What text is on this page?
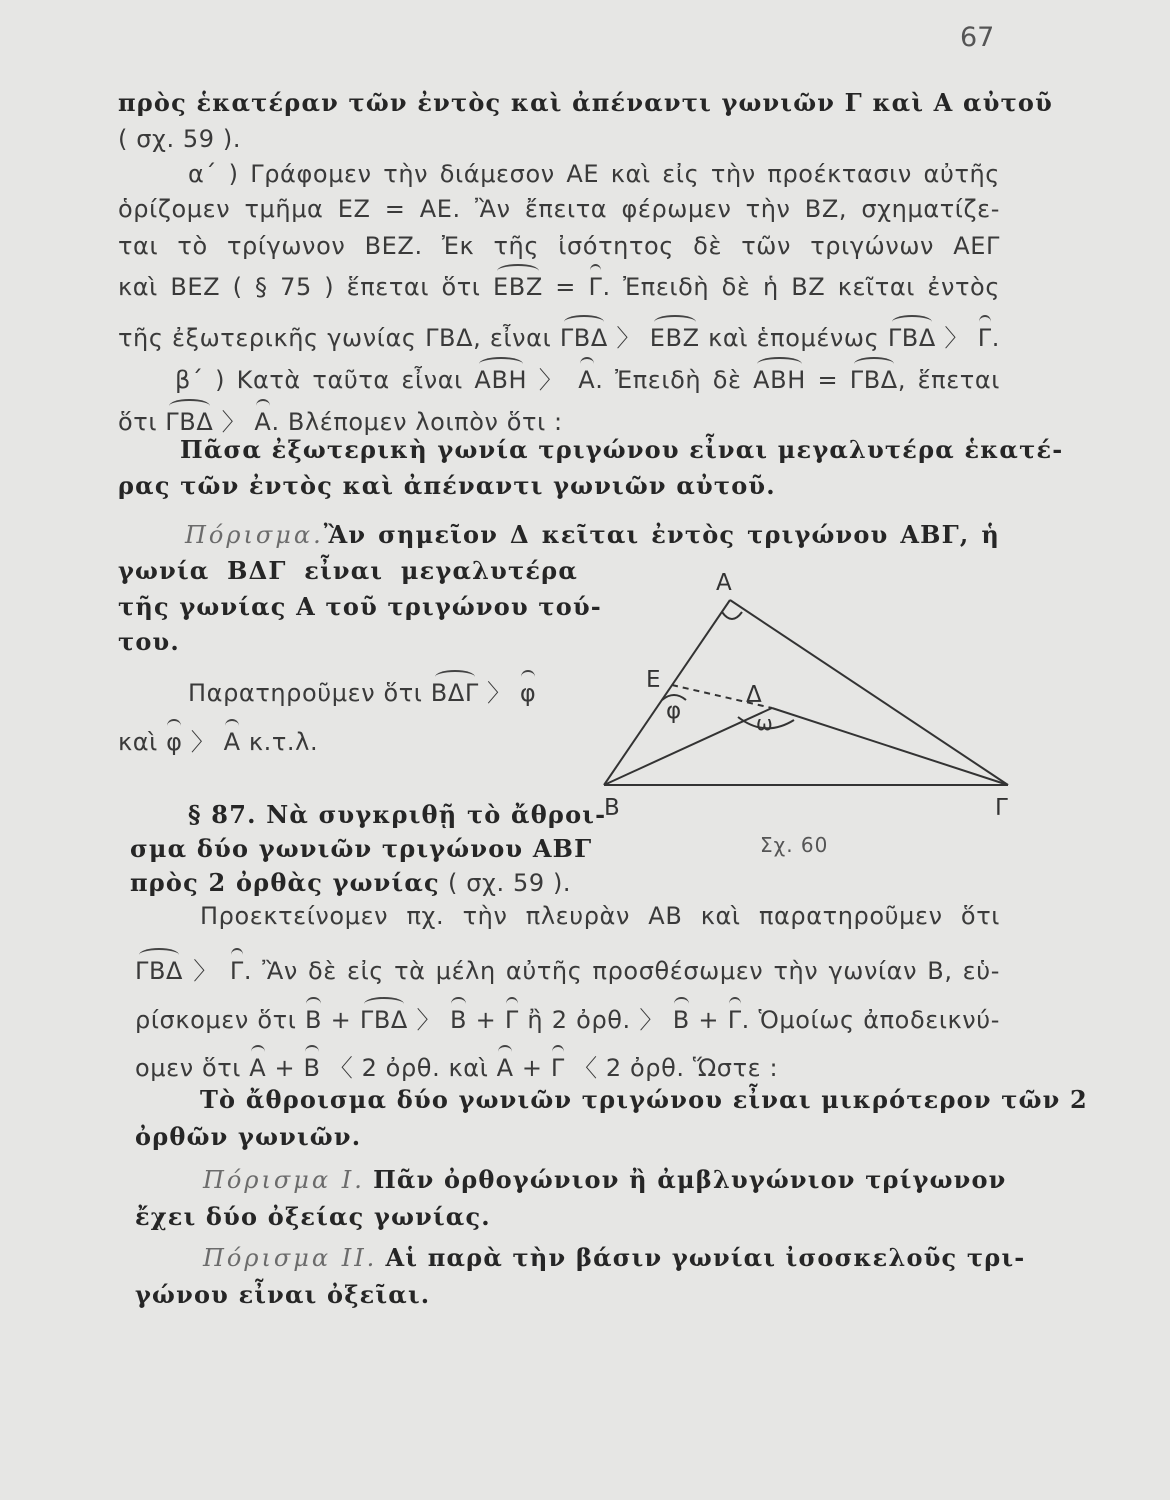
67
πρὸς ἑκατέραν τῶν ἐντὸς καὶ ἀπέναντι γωνιῶν Γ καὶ Α αὐτοῦ
( σχ. 59 ).
α΄ ) Γράφομεν τὴν διάμεσον ΑΕ καὶ εἰς τὴν προέκτασιν αὐτῆς
ὁρίζομεν τμῆμα ΕΖ = ΑΕ. Ἂν ἔπειτα φέρωμεν τὴν ΒΖ, σχηματίζε-
ται τὸ τρίγωνον ΒΕΖ. Ἐκ τῆς ἰσότητος δὲ τῶν τριγώνων ΑΕΓ
καὶ ΒΕΖ ( § 75 ) ἕπεται ὅτι ΕΒΖ = Γ. Ἐπειδὴ δὲ ἡ ΒΖ κεῖται ἐντὸς
τῆς ἐξωτερικῆς γωνίας ΓΒΔ, εἶναι ΓΒΔ 〉 ΕΒΖ καὶ ἑπομένως ΓΒΔ 〉 Γ.
β΄ ) Κατὰ ταῦτα εἶναι ΑΒΗ 〉 Α. Ἐπειδὴ δὲ ΑΒΗ = ΓΒΔ, ἕπεται
ὅτι ΓΒΔ 〉 Α. Βλέπομεν λοιπὸν ὅτι :
Πᾶσα ἐξωτερικὴ γωνία τριγώνου εἶναι μεγαλυτέρα ἑκατέ-
ρας τῶν ἐντὸς καὶ ἀπέναντι γωνιῶν αὐτοῦ.
Πόρισμα.Ἂν σημεῖον Δ κεῖται ἐντὸς τριγώνου ΑΒΓ, ἡ
γωνία ΒΔΓ εἶναι μεγαλυτέρα
τῆς γωνίας Α τοῦ τριγώνου τού-
του.
Παρατηροῦμεν ὅτι ΒΔΓ 〉 φ
καὶ φ 〉 Α κ.τ.λ.
Α
Β	Γ
Ε
Δ
φ	ω
Σχ. 60
§ 87. Νὰ συγκριθῇ τὸ ἄθροι-
σμα δύο γωνιῶν τριγώνου ΑΒΓ
πρὸς 2 ὀρθὰς γωνίας ( σχ. 59 ).
Προεκτείνομεν πχ. τὴν πλευρὰν ΑΒ καὶ παρατηροῦμεν ὅτι
ΓΒΔ 〉 Γ. Ἂν δὲ εἰς τὰ μέλη αὐτῆς προσθέσωμεν τὴν γωνίαν Β, εὑ-
ρίσκομεν ὅτι Β + ΓΒΔ 〉 Β + Γ ἢ 2 ὀρθ. 〉 Β + Γ. Ὁμοίως ἀποδεικνύ-
ομεν ὅτι Α + Β 〈 2 ὀρθ. καὶ Α + Γ 〈 2 ὀρθ. Ὥστε :
Τὸ ἄθροισμα δύο γωνιῶν τριγώνου εἶναι μικρότερον τῶν 2
ὀρθῶν γωνιῶν.
Πόρισμα Ι. Πᾶν ὀρθογώνιον ἢ ἀμβλυγώνιον τρίγωνον
ἔχει δύο ὀξείας γωνίας.
Πόρισμα ΙΙ. Αἱ παρὰ τὴν βάσιν γωνίαι ἰσοσκελοῦς τρι-
γώνου εἶναι ὀξεῖαι.
